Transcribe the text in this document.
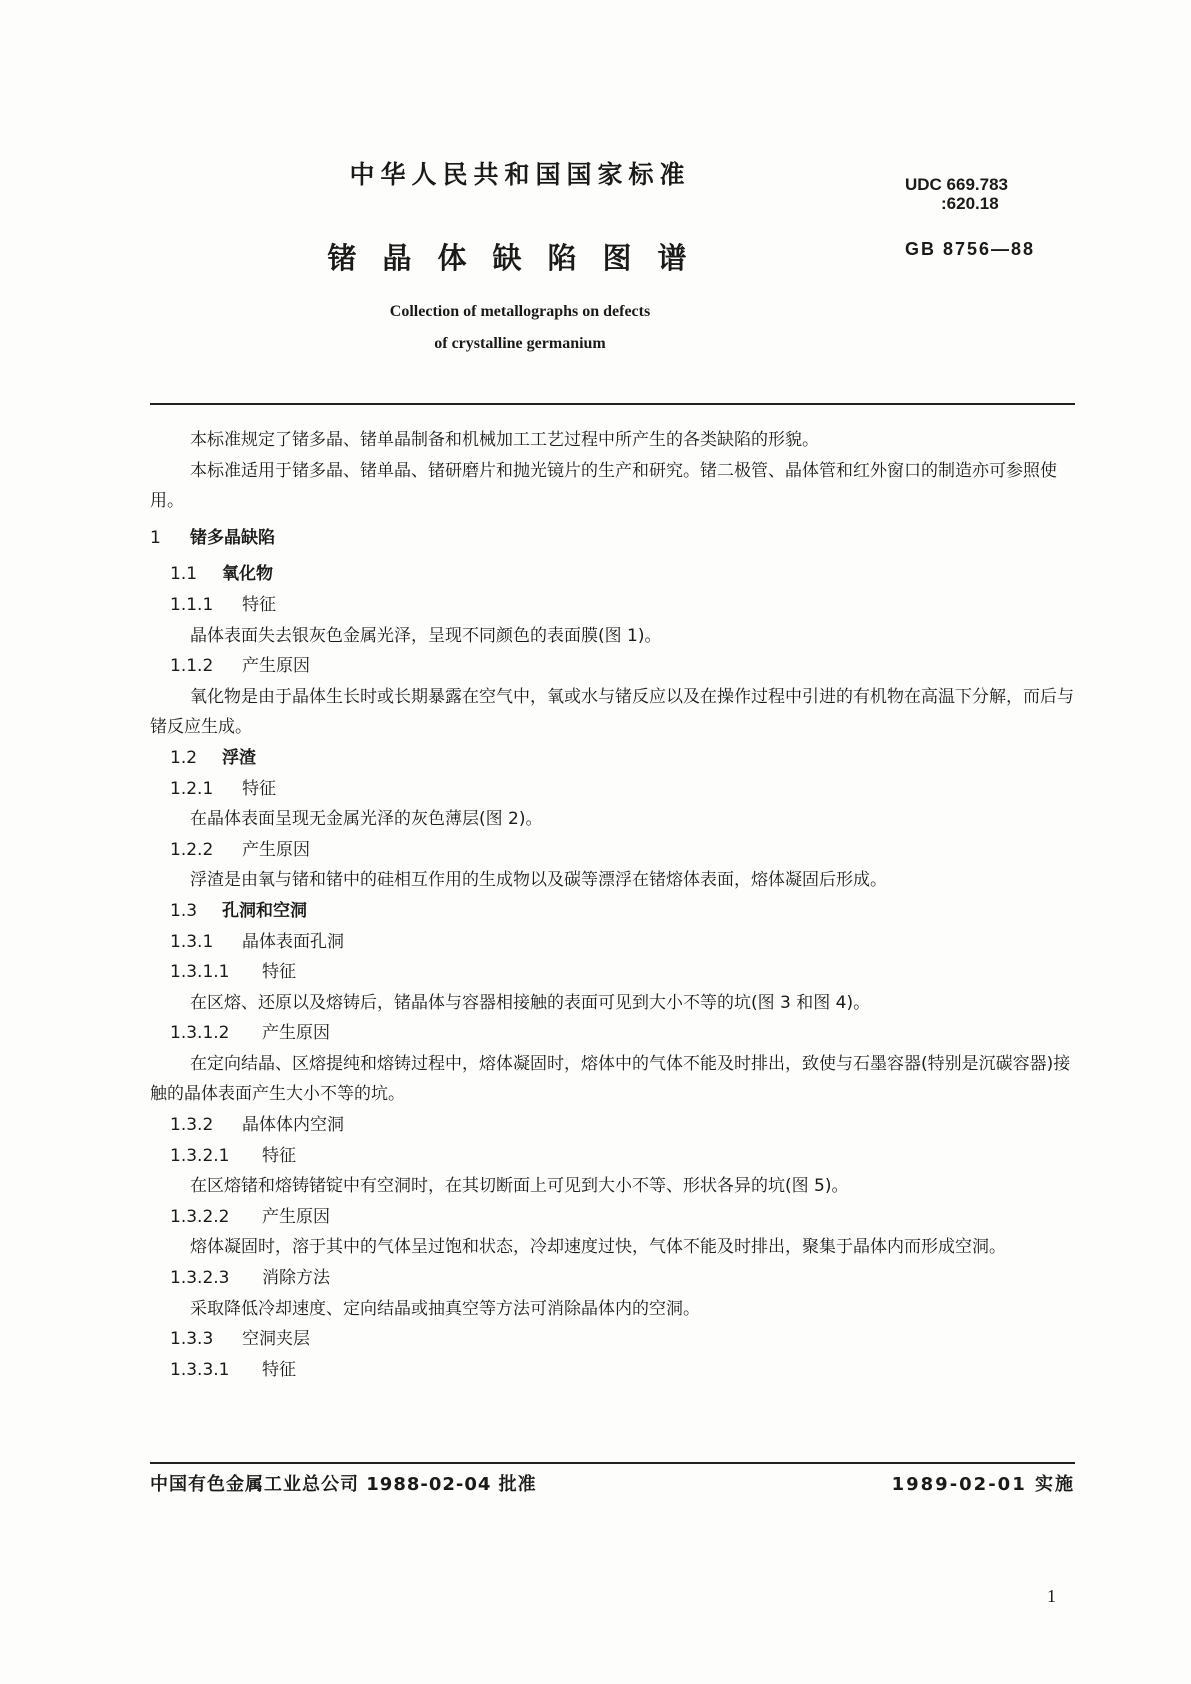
中华人民共和国国家标准	UDC 669.783
:620.18
锗晶体缺陷图谱	GB 8756—88
Collection of metallographs on defects
of crystalline germanium

本标准规定了锗多晶、锗单晶制备和机械加工工艺过程中所产生的各类缺陷的形貌。

本标准适用于锗多晶、锗单晶、锗研磨片和抛光镜片的生产和研究。锗二极管、晶体管和红外窗口的制造亦可参照使用。

1 锗多晶缺陷

1.1 氧化物

1.1.1 特征

晶体表面失去银灰色金属光泽，呈现不同颜色的表面膜(图 1)。

1.1.2 产生原因

氧化物是由于晶体生长时或长期暴露在空气中，氧或水与锗反应以及在操作过程中引进的有机物在高温下分解，而后与锗反应生成。

1.2 浮渣

1.2.1 特征

在晶体表面呈现无金属光泽的灰色薄层(图 2)。

1.2.2 产生原因

浮渣是由氧与锗和锗中的硅相互作用的生成物以及碳等漂浮在锗熔体表面，熔体凝固后形成。

1.3 孔洞和空洞

1.3.1 晶体表面孔洞

1.3.1.1 特征

在区熔、还原以及熔铸后，锗晶体与容器相接触的表面可见到大小不等的坑(图 3 和图 4)。

1.3.1.2 产生原因

在定向结晶、区熔提纯和熔铸过程中，熔体凝固时，熔体中的气体不能及时排出，致使与石墨容器(特别是沉碳容器)接触的晶体表面产生大小不等的坑。

1.3.2 晶体体内空洞

1.3.2.1 特征

在区熔锗和熔铸锗锭中有空洞时，在其切断面上可见到大小不等、形状各异的坑(图 5)。

1.3.2.2 产生原因

熔体凝固时，溶于其中的气体呈过饱和状态，冷却速度过快，气体不能及时排出，聚集于晶体内而形成空洞。

1.3.2.3 消除方法

采取降低冷却速度、定向结晶或抽真空等方法可消除晶体内的空洞。

1.3.3 空洞夹层

1.3.3.1 特征

中国有色金属工业总公司 1988-02-04 批准	1989-02-01 实施
1
